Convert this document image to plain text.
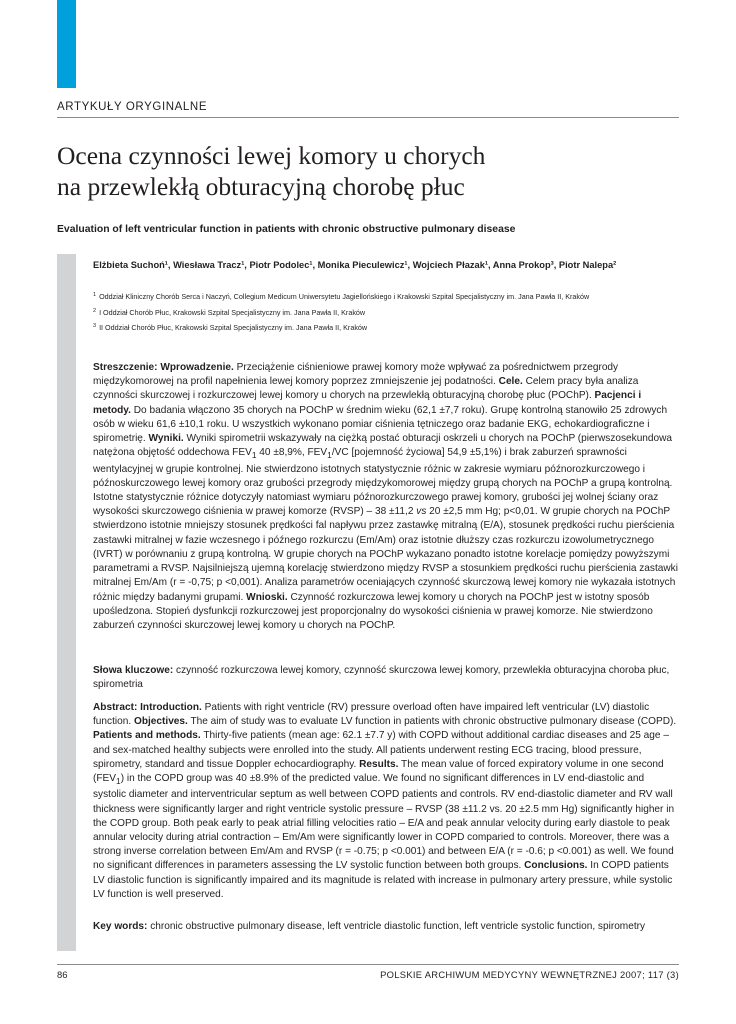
ARTYKUŁY ORYGINALNE
Ocena czynności lewej komory u chorych
na przewlekłą obturacyjną chorobę płuc

Evaluation of left ventricular function in patients with chronic obstructive pulmonary disease

Elżbieta Suchoń¹, Wiesława Tracz¹, Piotr Podolec¹, Monika Pieculewicz¹, Wojciech Płazak¹, Anna Prokop³, Piotr Nalepa²

1 Oddział Kliniczny Chorób Serca i Naczyń, Collegium Medicum Uniwersytetu Jagiellońskiego i Krakowski Szpital Specjalistyczny im. Jana Pawła II, Kraków
2 I Oddział Chorób Płuc, Krakowski Szpital Specjalistyczny im. Jana Pawła II, Kraków
3 II Oddział Chorób Płuc, Krakowski Szpital Specjalistyczny im. Jana Pawła II, Kraków

Streszczenie: Wprowadzenie. Przeciążenie ciśnieniowe prawej komory może wpływać za pośrednictwem przegrody międzykomorowej na profil napełnienia lewej komory poprzez zmniejszenie jej podatności. Cele. Celem pracy była analiza czynności skurczowej i rozkurczowej lewej komory u chorych na przewlekłą obturacyjną chorobę płuc (POChP). Pacjenci i metody. Do badania włączono 35 chorych na POChP w średnim wieku (62,1 ±7,7 roku). Grupę kontrolną stanowiło 25 zdrowych osób w wieku 61,6 ±10,1 roku. U wszystkich wykonano pomiar ciśnienia tętniczego oraz badanie EKG, echokardiograficzne i spirometrię. Wyniki. Wyniki spirometrii wskazywały na ciężką postać obturacji oskrzeli u chorych na POChP (pierwszosekundowa natężona objętość oddechowa $FEV_1$ 40 ±8,9%, $FEV_1/VC$ [pojemność życiowa] 54,9 ±5,1%) i brak zaburzeń sprawności wentylacyjnej w grupie kontrolnej. Nie stwierdzono istotnych statystycznie różnic w zakresie wymiaru późnorozkurczowego i późnoskurczowego lewej komory oraz grubości przegrody międzykomorowej między grupą chorych na POChP a grupą kontrolną. Istotne statystycznie różnice dotyczyły natomiast wymiaru późnorozkurczowego prawej komory, grubości jej wolnej ściany oraz wysokości skurczowego ciśnienia w prawej komorze (RVSP) – 38 ±11,2 vs 20 ±2,5 mm Hg; p<0,01. W grupie chorych na POChP stwierdzono istotnie mniejszy stosunek prędkości fal napływu przez zastawkę mitralną (E/A), stosunek prędkości ruchu pierścienia zastawki mitralnej w fazie wczesnego i późnego rozkurczu (Em/Am) oraz istotnie dłuższy czas rozkurczu izowolumetrycznego (IVRT) w porównaniu z grupą kontrolną. W grupie chorych na POChP wykazano ponadto istotne korelacje pomiędzy powyższymi parametrami a RVSP. Najsilniejszą ujemną korelację stwierdzono między RVSP a stosunkiem prędkości ruchu pierścienia zastawki mitralnej Em/Am (r = -0,75; p <0,001). Analiza parametrów oceniających czynność skurczową lewej komory nie wykazała istotnych różnic między badanymi grupami. Wnioski. Czynność rozkurczowa lewej komory u chorych na POChP jest w istotny sposób upośledzona. Stopień dysfunkcji rozkurczowej jest proporcjonalny do wysokości ciśnienia w prawej komorze. Nie stwierdzono zaburzeń czynności skurczowej lewej komory u chorych na POChP.

Słowa kluczowe: czynność rozkurczowa lewej komory, czynność skurczowa lewej komory, przewlekła obturacyjna choroba płuc, spirometria

Abstract: Introduction. Patients with right ventricle (RV) pressure overload often have impaired left ventricular (LV) diastolic function. Objectives. The aim of study was to evaluate LV function in patients with chronic obstructive pulmonary disease (COPD). Patients and methods. Thirty-five patients (mean age: 62.1 ±7.7 y) with COPD without additional cardiac diseases and 25 age – and sex-matched healthy subjects were enrolled into the study. All patients underwent resting ECG tracing, blood pressure, spirometry, standard and tissue Doppler echocardiography. Results. The mean value of forced expiratory volume in one second $(FEV_1)$ in the COPD group was 40 ±8.9% of the predicted value. We found no significant differences in LV end-diastolic and systolic diameter and interventricular septum as well between COPD patients and controls. RV end-diastolic diameter and RV wall thickness were significantly larger and right ventricle systolic pressure – RVSP (38 ±11.2 vs. 20 ±2.5 mm Hg) significantly higher in the COPD group. Both peak early to peak atrial filling velocities ratio – E/A and peak annular velocity during early diastole to peak annular velocity during atrial contraction – Em/Am were significantly lower in COPD comparied to controls. Moreover, there was a strong inverse correlation between Em/Am and RVSP (r = -0.75; p <0.001) and between E/A (r = -0.6; p <0.001) as well. We found no significant differences in parameters assessing the LV systolic function between both groups. Conclusions. In COPD patients LV diastolic function is significantly impaired and its magnitude is related with increase in pulmonary artery pressure, while systolic LV function is well preserved.

Key words: chronic obstructive pulmonary disease, left ventricle diastolic function, left ventricle systolic function, spirometry

86	POLSKIE ARCHIWUM MEDYCYNY WEWNĘTRZNEJ 2007; 117 (3)
